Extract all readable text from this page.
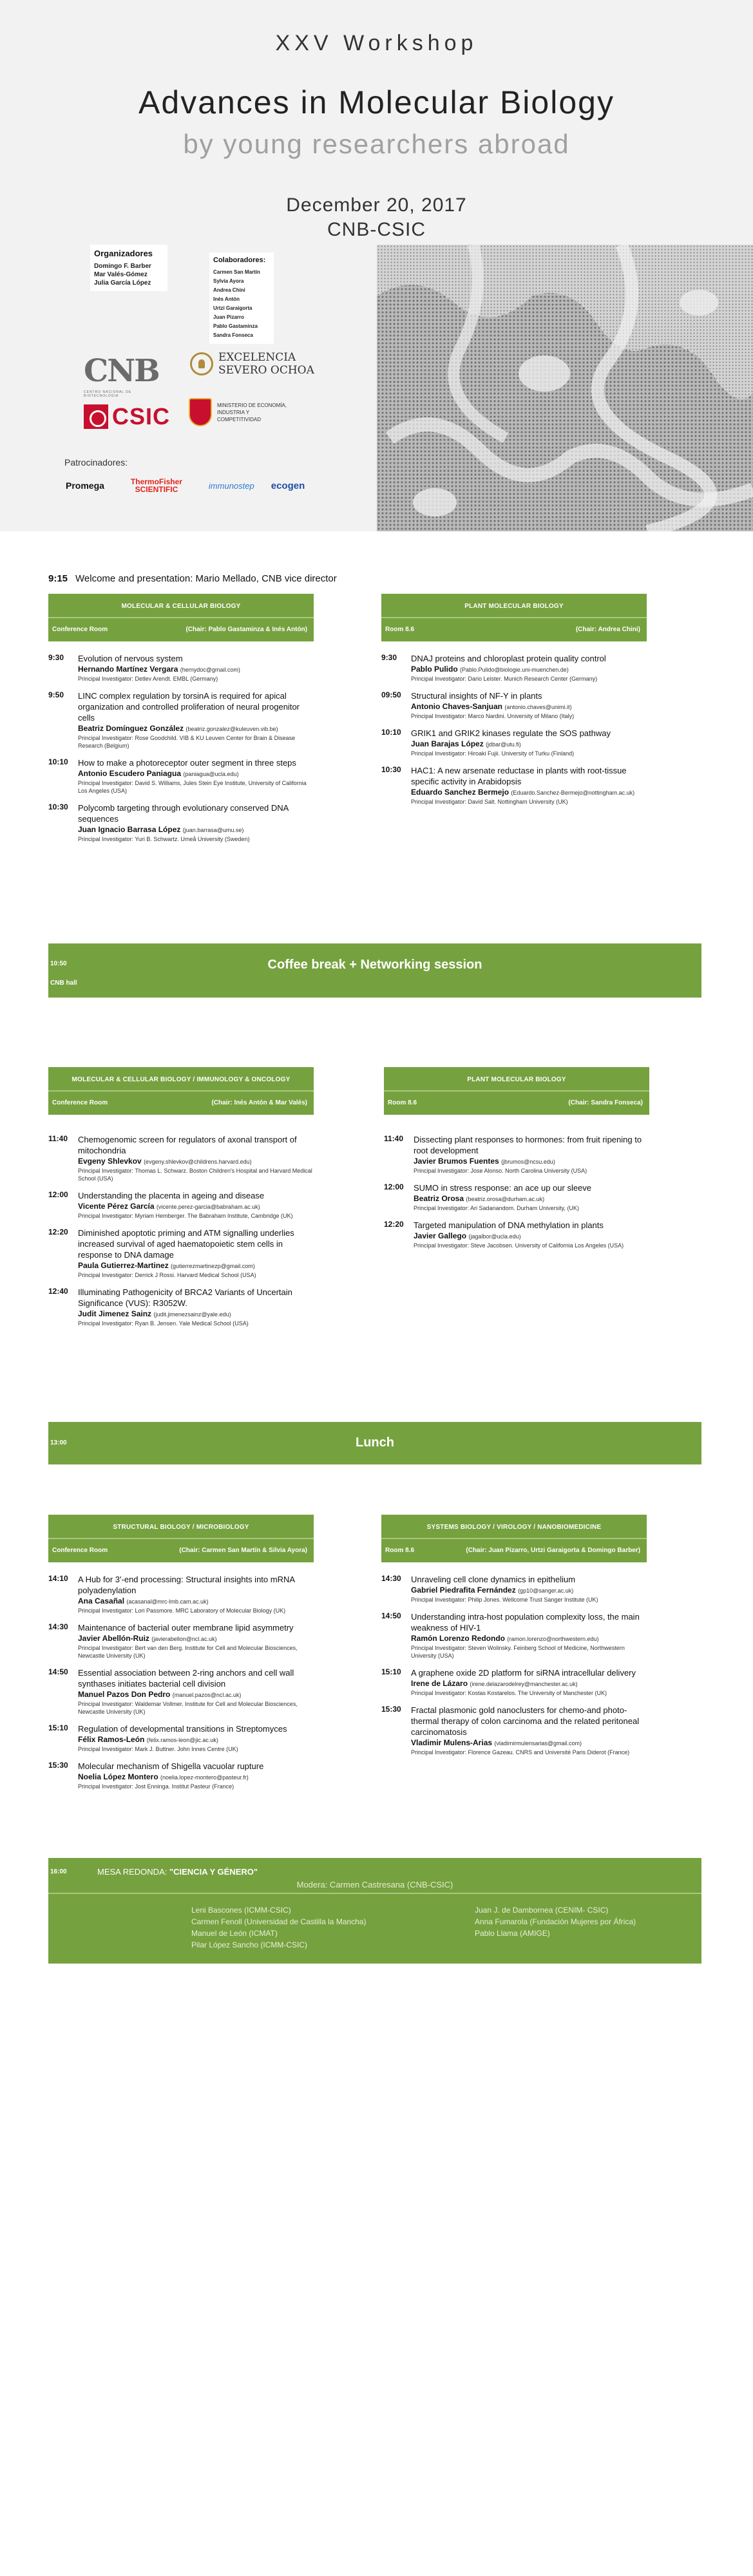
XXV Workshop
Advances in Molecular Biology
by young researchers abroad
December 20, 2017
CNB-CSIC
Organizadores
Domingo F. Barber
Mar Valés-Gómez
Julia García López
Colaboradores:
Carmen San Martín
Sylvia Ayora
Andrea Chini
Inés Antón
Urtzi Garaigorta
Juan Pizarro
Pablo Gastaminza
Sandra Fonseca
CNB
CENTRO NACIONAL DE BIOTECNOLOGÍA
EXCELENCIA SEVERO OCHOA
CSIC	MINISTERIO DE ECONOMÍA, INDUSTRIA Y COMPETITIVIDAD
Patrocinadores:
Promega	ThermoFisher SCIENTIFIC	immunostep ecogen
9:15 Welcome and presentation: Mario Mellado, CNB vice director
MOLECULAR & CELLULAR BIOLOGY
Conference Room	(Chair: Pablo Gastaminza & Inés Antón)
9:30 Evolution of nervous system
Hernando Martínez Vergara (hernydoc@gmail.com)
Principal Investigator: Detlev Arendt. EMBL (Germany)
9:50 LINC complex regulation by torsinA is required for apical organization and controlled proliferation of neural progenitor cells
Beatriz Domínguez González (beatriz.gonzalez@kuleuven.vib.be)
Principal Investigator: Rose Goodchild. VIB & KU Leuven Center for Brain & Disease Research (Belgium)
10:10 How to make a photoreceptor outer segment in three steps
Antonio Escudero Paniagua (paniagua@ucla.edu)
Principal Investigator: David S. Williams, Jules Stein Eye Institute, University of California Los Angeles (USA)
10:30 Polycomb targeting through evolutionary conserved DNA sequences
Juan Ignacio Barrasa López (juan.barrasa@umu.se)
Principal Investigator: Yuri B. Schwartz. Umeå University (Sweden)
PLANT MOLECULAR BIOLOGY
Room 8.6	(Chair: Andrea Chini)
9:30 DNAJ proteins and chloroplast protein quality control
Pablo Pulido (Pablo.Pulido@biologie.uni-muenchen.de)
Principal Investigator: Dario Leister. Munich Research Center (Germany)
09:50 Structural insights of NF-Y in plants
Antonio Chaves-Sanjuan (antonio.chaves@unimi.it)
Principal Investigator: Marco Nardini. University of Milano (Italy)
10:10 GRIK1 and GRIK2 kinases regulate the SOS pathway
Juan Barajas López (jdbar@utu.fi)
Principal Investigator: Hiroaki Fujii. University of Turku (Finland)
10:30 HAC1: A new arsenate reductase in plants with root-tissue specific activity in Arabidopsis
Eduardo Sanchez Bermejo (Eduardo.Sanchez-Bermejo@nottingham.ac.uk)
Principal Investigator: David Salt. Nottingham University (UK)
10:50	Coffee break + Networking session
CNB hall
MOLECULAR & CELLULAR BIOLOGY / IMMUNOLOGY & ONCOLOGY
Conference Room	(Chair: Inés Antón & Mar Valés)
11:40 Chemogenomic screen for regulators of axonal transport of mitochondria
Evgeny Shlevkov (evgeny.shlevkov@childrens.harvard.edu)
Principal Investigator: Thomas L. Schwarz. Boston Children's Hospital and Harvard Medical School (USA)
12:00 Understanding the placenta in ageing and disease
Vicente Pérez García (vicente.perez-garcia@babraham.ac.uk)
Principal Investigator: Myriam Hemberger. The Babraham Institute, Cambridge (UK)
12:20 Diminished apoptotic priming and ATM signalling underlies increased survival of aged haematopoietic stem cells in response to DNA damage
Paula Gutierrez-Martinez (gutierrezmartinezp@gmail.com)
Principal Investigator: Derrick J Rossi. Harvard Medical School (USA)
12:40 Illuminating Pathogenicity of BRCA2 Variants of Uncertain Significance (VUS): R3052W.
Judit Jimenez Sainz (judit.jimenezsainz@yale.edu)
Principal Investigator: Ryan B. Jensen. Yale Medical School (USA)
PLANT MOLECULAR BIOLOGY
Room 8.6	(Chair: Sandra Fonseca)
11:40 Dissecting plant responses to hormones: from fruit ripening to root development
Javier Brumos Fuentes (jbrumos@ncsu.edu)
Principal Investigator: Jose Alonso. North Carolina University (USA)
12:00 SUMO in stress response: an ace up our sleeve
Beatriz Orosa (beatriz.orosa@durham.ac.uk)
Principal Investigator: Ari Sadanandom. Durham University, (UK)
12:20 Targeted manipulation of DNA methylation in plants
Javier Gallego (jagalbor@ucla.edu)
Principal Investigator: Steve Jacobsen. University of California Los Angeles (USA)
13:00	Lunch
STRUCTURAL BIOLOGY / MICROBIOLOGY
Conference Room	(Chair: Carmen San Martín & Silvia Ayora)
14:10 A Hub for 3'-end processing: Structural insights into mRNA polyadenylation
Ana Casañal (acasanal@mrc-lmb.cam.ac.uk)
Principal Investigator: Lori Passmore. MRC Laboratory of Molecular Biology (UK)
14:30 Maintenance of bacterial outer membrane lipid asymmetry
Javier Abellón-Ruiz (javierabellon@ncl.ac.uk)
Principal Investigator: Bert van den Berg. Institute for Cell and Molecular Biosciences, Newcastle University (UK)
14:50 Essential association between 2-ring anchors and cell wall synthases initiates bacterial cell division
Manuel Pazos Don Pedro (manuel.pazos@ncl.ac.uk)
Principal Investigator: Waldemar Vollmer. Institute for Cell and Molecular Biosciences, Newcastle University (UK)
15:10 Regulation of developmental transitions in Streptomyces
Félix Ramos-León (felix.ramos-leon@jic.ac.uk)
Principal Investigator: Mark J. Buttner. John Innes Centre (UK)
15:30 Molecular mechanism of Shigella vacuolar rupture
Noelia López Montero (noelia.lopez-montero@pasteur.fr)
Principal Investigator: Jost Enninga. Institut Pasteur (France)
SYSTEMS BIOLOGY / VIROLOGY / NANOBIOMEDICINE
Room 8.6	(Chair: Juan Pizarro, Urtzi Garaigorta & Domingo Barber)
14:30 Unraveling cell clone dynamics in epithelium
Gabriel Piedrafita Fernández (gp10@sanger.ac.uk)
Principal Investigator: Philip Jones. Wellcome Trust Sanger Institute (UK)
14:50 Understanding intra-host population complexity loss, the main weakness of HIV-1
Ramón Lorenzo Redondo (ramon.lorenzo@northwestern.edu)
Principal Investigator: Steven Wolinsky. Feinberg School of Medicine, Northwestern University (USA)
15:10 A graphene oxide 2D platform for siRNA intracellular delivery
Irene de Lázaro (irene.delazarodelrey@manchester.ac.uk)
Principal Investigator: Kostas Kostarelos. The University of Manchester (UK)
15:30 Fractal plasmonic gold nanoclusters for chemo-and photo-thermal therapy of colon carcinoma and the related peritoneal carcinomatosis
Vladimir Mulens-Arias (vladimirmulensarias@gmail.com)
Principal Investigator: Florence Gazeau. CNRS and Université Paris Diderot (France)
16:00	MESA REDONDA: "CIENCIA Y GÉNERO"
Modera: Carmen Castresana (CNB-CSIC)
Leni Bascones (ICMM-CSIC)
Carmen Fenoll (Universidad de Castilla la Mancha)
Manuel de León (ICMAT)
Pilar López Sancho (ICMM-CSIC)
Juan J. de Dambornea (CENIM- CSIC)
Anna Fumarola (Fundación Mujeres por África)
Pablo Llama (AMIGE)
